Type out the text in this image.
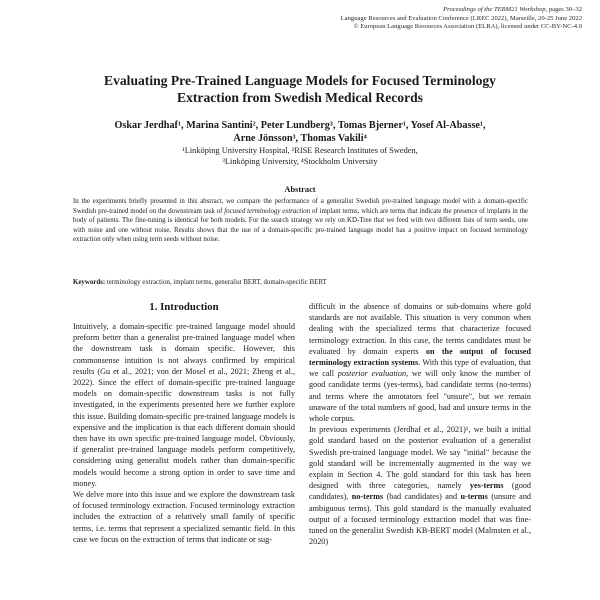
Proceedings of the TERM21 Workshop, pages 30–32
Language Resources and Evaluation Conference (LREC 2022), Marseille, 20-25 June 2022
© European Language Resources Association (ELRA), licensed under CC-BY-NC-4.0
Evaluating Pre-Trained Language Models for Focused Terminology
Extraction from Swedish Medical Records
Oskar Jerdhaf¹, Marina Santini², Peter Lundberg³, Tomas Bjerner¹, Yosef Al-Abasse¹,
Arne Jönsson³, Thomas Vakili⁴
¹Linköping University Hospital, ²RISE Research Institutes of Sweden,
³Linköping University, ⁴Stockholm University
Abstract
In the experiments briefly presented in this abstract, we compare the performance of a generalist Swedish pre-trained language model with a domain-specific Swedish pre-trained model on the downstream task of focused terminology extraction of implant terms, which are terms that indicate the presence of implants in the body of patients. The fine-tuning is identical for both models. For the search strategy we rely on KD-Tree that we feed with two different lists of term seeds, one with noise and one without noise. Results shows that the use of a domain-specific pre-trained language model has a positive impact on focused terminology extraction only when using term seeds without noise.
Keywords: terminology extraction, implant terms, generalist BERT, domain-specific BERT
1. Introduction

Intuitively, a domain-specific pre-trained language model should preform better than a generalist pre-trained language model when the downstream task is domain specific. However, this commonsense intuition is not always confirmed by empirical results (Gu et al., 2021; von der Mosel et al., 2021; Zheng et al., 2022). Since the effect of domain-specific pre-trained language models on domain-specific downstream tasks is not fully investigated, in the experiments presented here we further explore this issue. Building domain-specific pre-trained language models is expensive and the implication is that each different domain should then have its own specific pre-trained language model. Obviously, if generalist pre-trained language models perform competitively, considering using generalist models rather than domain-specific models would become a strong option in order to save time and money.

We delve more into this issue and we explore the downstream task of focused terminology extraction. Focused terminology extraction includes the extraction of a relatively small family of specific terms, i.e. terms that represent a specialized semantic field. In this case we focus on the extraction of terms that indicate or sug-

difficult in the absence of domains or sub-domains where gold standards are not available. This situation is very common when dealing with the specialized terms that characterize focused terminology extraction. In this case, the terms candidates must be evaluated by domain experts on the output of focused terminology extraction systems. With this type of evaluation, that we call posterior evaluation, we will only know the number of good candidate terms (yes-terms), bad candidate terms (no-terms) and terms where the annotators feel "unsure", but we remain unaware of the total numbers of good, bad and unsure terms in the whole corpus.

In previous experiments (Jerdhaf et al., 2021)¹, we built a initial gold standard based on the posterior evaluation of a generalist Swedish pre-trained language model. We say "initial" because the gold standard will be incrementally augmented in the way we explain in Section 4. The gold standard for this task has been designed with three categories, namely yes-terms (good candidates), no-terms (bad candidates) and u-terms (unsure and ambiguous terms). This gold standard is the manually evaluated output of a focused terminology extraction model that was fine-tuned on the generalist Swedish KB-BERT model (Malmsten et al., 2020)
